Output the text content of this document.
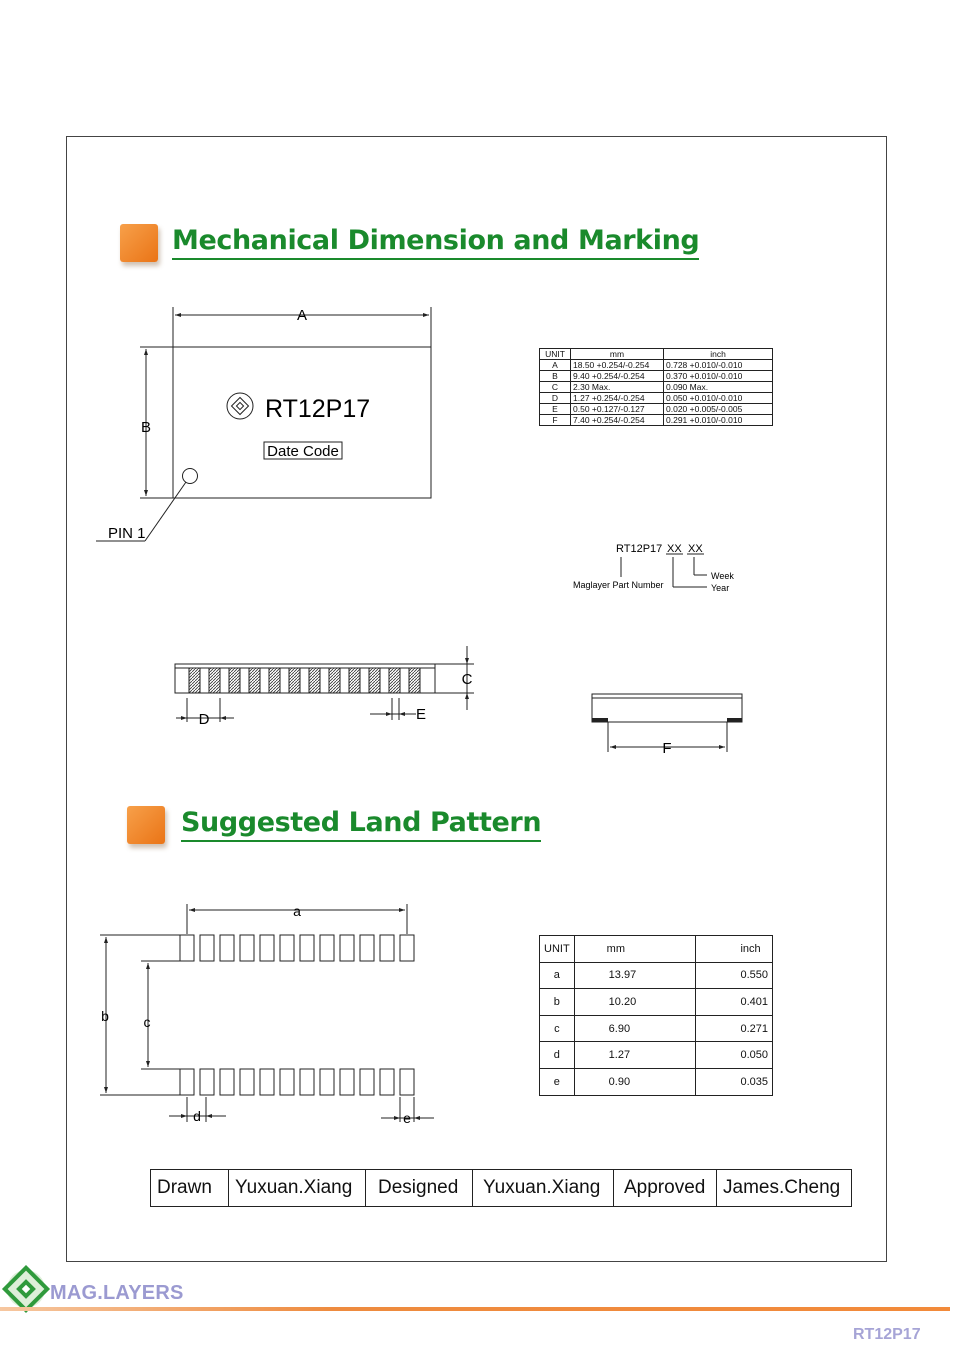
Mechanical Dimension and Marking
Suggested Land Pattern
A
B
RT12P17
Date Code
PIN 1
C
D	E
F
RT12P17 XX XX
Week
Year
Maglayer Part Number
a
b c
d	e
UNIT	mm	inch
A	18.50 +0.254/-0.254	0.728 +0.010/-0.010
B	9.40 +0.254/-0.254	0.370 +0.010/-0.010
C	2.30 Max.	0.090 Max.
D	1.27 +0.254/-0.254	0.050 +0.010/-0.010
E	0.50 +0.127/-0.127	0.020 +0.005/-0.005
F	7.40 +0.254/-0.254	0.291 +0.010/-0.010
UNIT	mm	inch
a	13.97	0.550
b	10.20	0.401
c	6.90	0.271
d	1.27	0.050
e	0.90	0.035
Drawn	Yuxuan.Xiang	Designed	Yuxuan.Xiang	Approved	James.Cheng
MAG.LAYERS
RT12P17
